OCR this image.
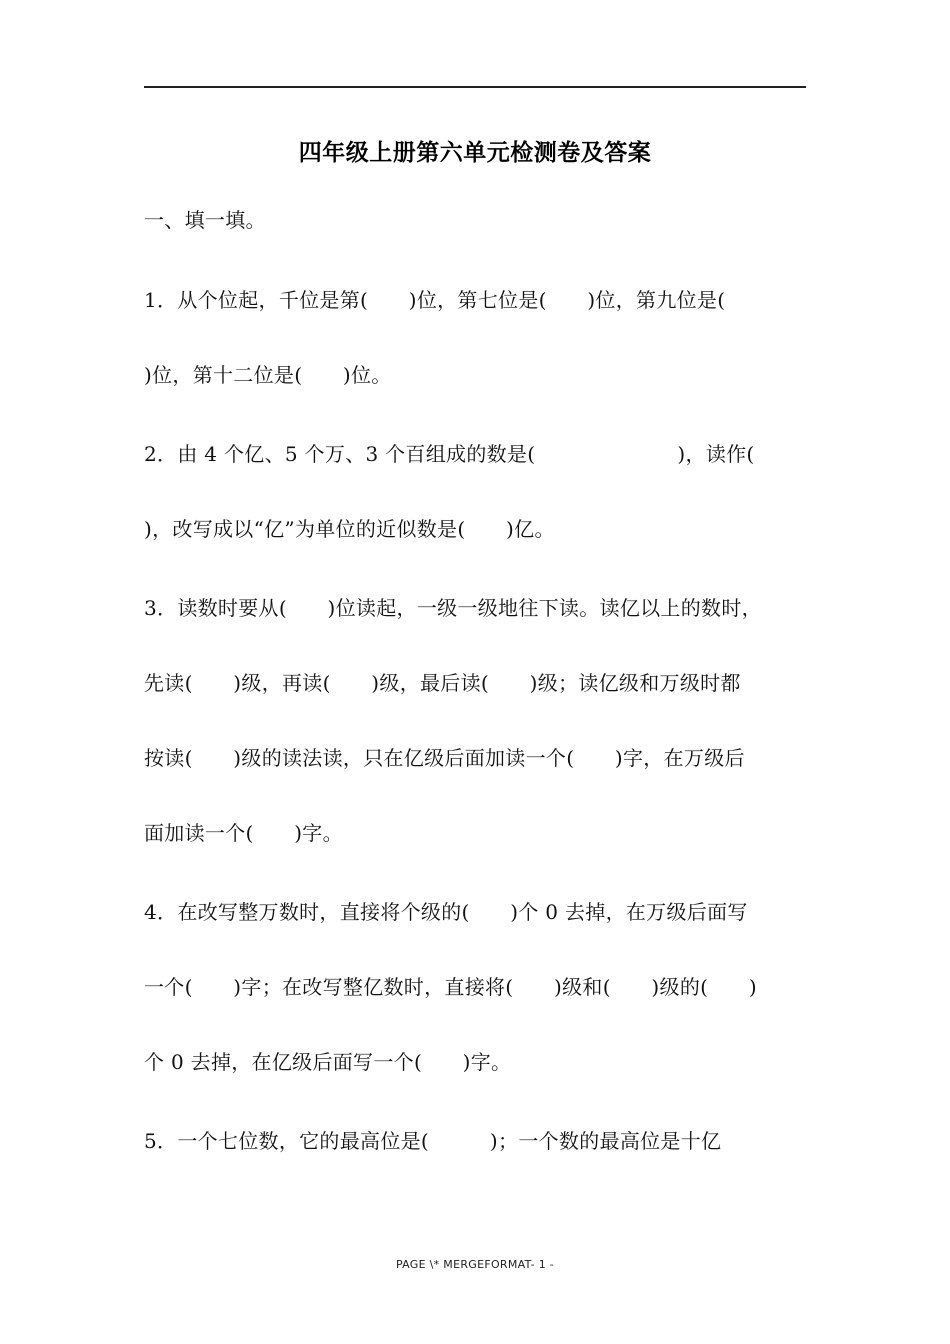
四年级上册第六单元检测卷及答案
一、填一填。
1．从个位起，千位是第(　　)位，第七位是(　　)位，第九位是(
)位，第十二位是(　　)位。
2．由 4 个亿、5 个万、3 个百组成的数是(　　　　　　　)，读作(
)，改写成以“亿”为单位的近似数是(　　)亿。
3．读数时要从(　　)位读起，一级一级地往下读。读亿以上的数时，
先读(　　)级，再读(　　)级，最后读(　　)级；读亿级和万级时都
按读(　　)级的读法读，只在亿级后面加读一个(　　)字，在万级后
面加读一个(　　)字。
4．在改写整万数时，直接将个级的(　　)个 0 去掉，在万级后面写
一个(　　)字；在改写整亿数时，直接将(　　)级和(　　)级的(　　)
个 0 去掉，在亿级后面写一个(　　)字。
5．一个七位数，它的最高位是(　　　)；一个数的最高位是十亿
PAGE \* MERGEFORMAT- 1 -
